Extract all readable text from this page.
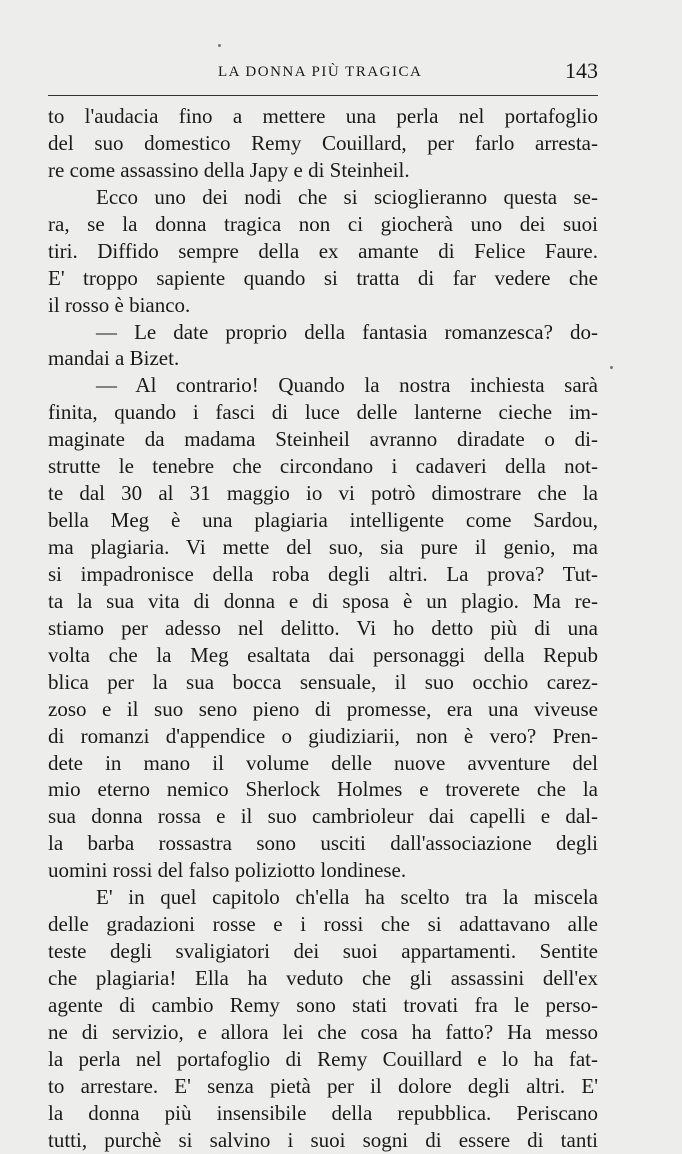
LA DONNA PIÙ TRAGICA	143
to l'audacia fino a mettere una perla nel portafoglio
del suo domestico Remy Couillard, per farlo arresta-
re come assassino della Japy e di Steinheil.
Ecco uno dei nodi che si scioglieranno questa se-
ra, se la donna tragica non ci giocherà uno dei suoi
tiri. Diffido sempre della ex amante di Felice Faure.
E' troppo sapiente quando si tratta di far vedere che
il rosso è bianco.
— Le date proprio della fantasia romanzesca? do-
mandai a Bizet.
— Al contrario! Quando la nostra inchiesta sarà
finita, quando i fasci di luce delle lanterne cieche im-
maginate da madama Steinheil avranno diradate o di-
strutte le tenebre che circondano i cadaveri della not-
te dal 30 al 31 maggio io vi potrò dimostrare che la
bella Meg è una plagiaria intelligente come Sardou,
ma plagiaria. Vi mette del suo, sia pure il genio, ma
si impadronisce della roba degli altri. La prova? Tut-
ta la sua vita di donna e di sposa è un plagio. Ma re-
stiamo per adesso nel delitto. Vi ho detto più di una
volta che la Meg esaltata dai personaggi della Repub
blica per la sua bocca sensuale, il suo occhio carez-
zoso e il suo seno pieno di promesse, era una viveuse
di romanzi d'appendice o giudiziarii, non è vero? Pren-
dete in mano il volume delle nuove avventure del
mio eterno nemico Sherlock Holmes e troverete che la
sua donna rossa e il suo cambrioleur dai capelli e dal-
la barba rossastra sono usciti dall'associazione degli
uomini rossi del falso poliziotto londinese.
E' in quel capitolo ch'ella ha scelto tra la miscela
delle gradazioni rosse e i rossi che si adattavano alle
teste degli svaligiatori dei suoi appartamenti. Sentite
che plagiaria! Ella ha veduto che gli assassini dell'ex
agente di cambio Remy sono stati trovati fra le perso-
ne di servizio, e allora lei che cosa ha fatto? Ha messo
la perla nel portafoglio di Remy Couillard e lo ha fat-
to arrestare. E' senza pietà per il dolore degli altri. E'
la donna più insensibile della repubblica. Periscano
tutti, purchè si salvino i suoi sogni di essere di tanti
